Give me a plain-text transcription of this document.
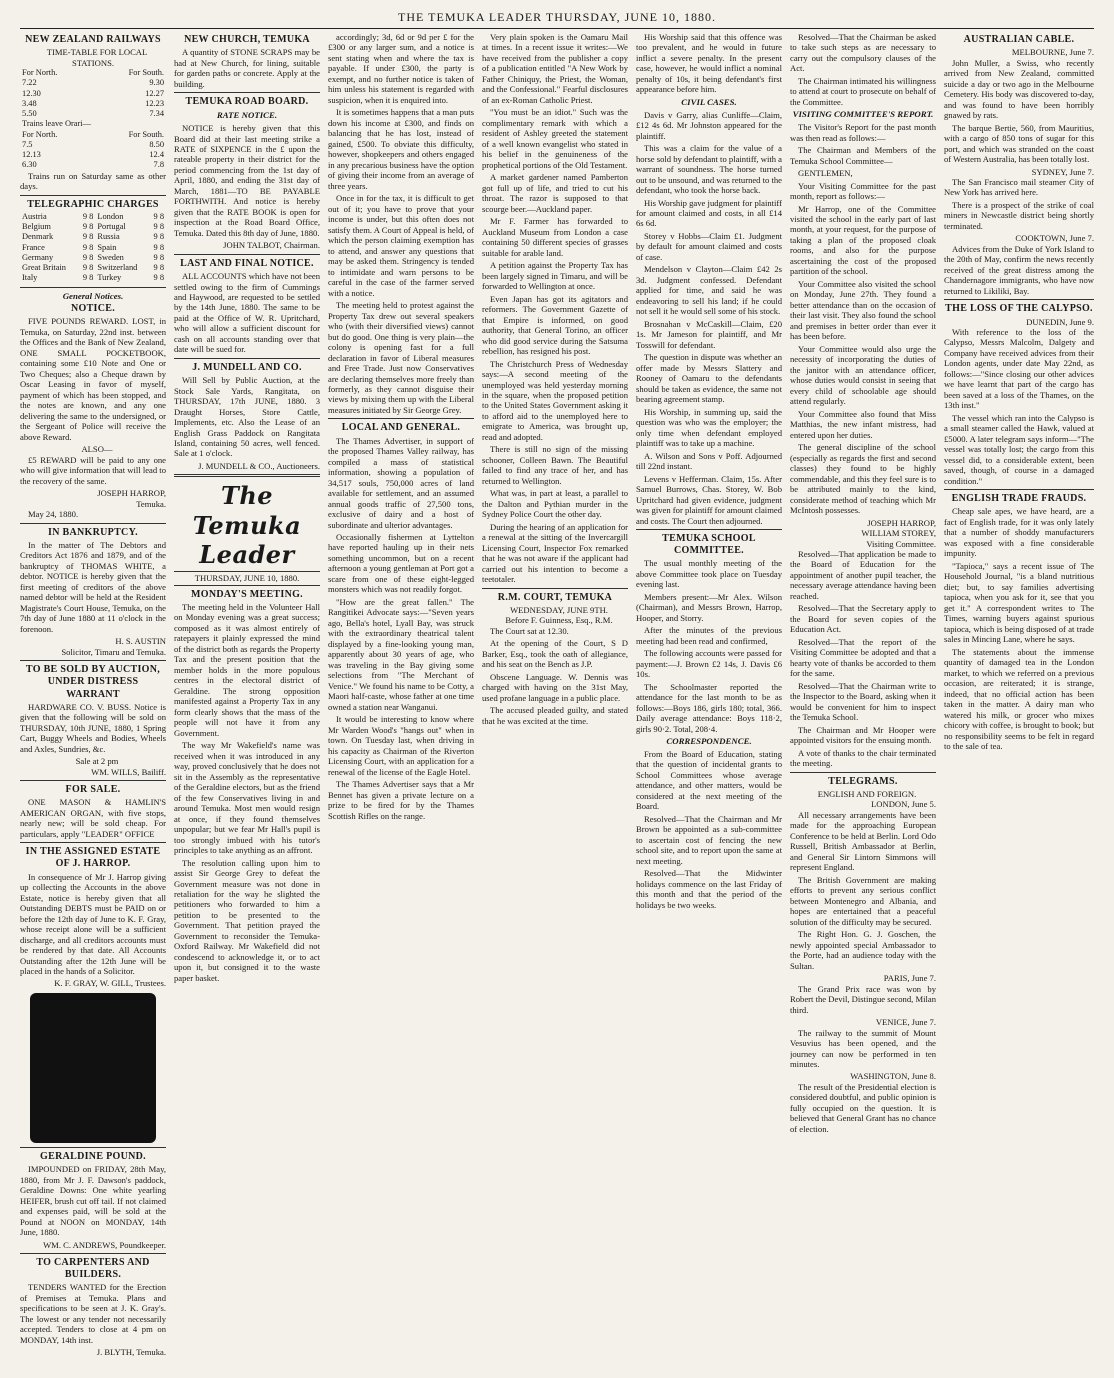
THE TEMUKA LEADER THURSDAY, JUNE 10, 1880.
NEW ZEALAND RAILWAYS

TIME-TABLE FOR LOCAL STATIONS.

For North.		For South.
7.22		9.30
12.30		12.27
3.48		12.23
5.50		7.34
Trains leave Orari—		
For North.		For South.
7.5		8.50
12.13		12.4
6.30		7.8

Trains run on Saturday same as other days.

TELEGRAPHIC CHARGES
Austria	9 8	London	9 8
Belgium	9 8	Portugal	9 8
Denmark	9 8	Russia	9 8
France	9 8	Spain	9 8
Germany	9 8	Sweden	9 8
Great Britain	9 8	Switzerland	9 8
Italy	9 8	Turkey	9 8
General Notices.
NOTICE.

FIVE POUNDS REWARD. LOST, in Temuka, on Saturday, 22nd inst. between the Offices and the Bank of New Zealand, ONE SMALL POCKETBOOK, containing some £10 Note and One or Two Cheques; also a Cheque drawn by Oscar Leasing in favor of myself, payment of which has been stopped, and the notes are known, and any one delivering the same to the undersigned, or the Sergeant of Police will receive the above Reward.

ALSO—

£5 REWARD will be paid to any one who will give information that will lead to the recovery of the same.

JOSEPH HARROP,

Temuka.

May 24, 1880.

IN BANKRUPTCY.

In the matter of The Debtors and Creditors Act 1876 and 1879, and of the bankruptcy of THOMAS WHITE, a debtor. NOTICE is hereby given that the first meeting of creditors of the above named debtor will be held at the Resident Magistrate's Court House, Temuka, on the 7th day of June 1880 at 11 o'clock in the forenoon.

H. S. AUSTIN

Solicitor, Timaru and Temuka.

TO BE SOLD BY AUCTION, UNDER DISTRESS WARRANT

HARDWARE CO. V. BUSS. Notice is given that the following will be sold on THURSDAY, 10th JUNE, 1880, 1 Spring Cart, Buggy Wheels and Bodies, Wheels and Axles, Sundries, &c.

Sale at 2 pm

WM. WILLS, Bailiff.

FOR SALE.

ONE MASON & HAMLIN'S AMERICAN ORGAN, with five stops, nearly new; will be sold cheap. For particulars, apply "LEADER" OFFICE

IN THE ASSIGNED ESTATE OF J. HARROP.

In consequence of Mr J. Harrop giving up collecting the Accounts in the above Estate, notice is hereby given that all Outstanding DEBTS must be PAID on or before the 12th day of June to K. F. Gray, whose receipt alone will be a sufficient discharge, and all creditors accounts must be rendered by that date. All Accounts Outstanding after the 12th June will be placed in the hands of a Solicitor.

K. F. GRAY, W. GILL, Trustees.

GERALDINE POUND.

IMPOUNDED on FRIDAY, 28th May, 1880, from Mr J. F. Dawson's paddock, Geraldine Downs: One white yearling HEIFER, brush cut off tail. If not claimed and expenses paid, will be sold at the Pound at NOON on MONDAY, 14th June, 1880.

WM. C. ANDREWS, Poundkeeper.

TO CARPENTERS AND BUILDERS.

TENDERS WANTED for the Erection of Premises at Temuka. Plans and specifications to be seen at J. K. Gray's. The lowest or any tender not necessarily accepted. Tenders to close at 4 pm on MONDAY, 14th inst.

J. BLYTH, Temuka.

NEW CHURCH, TEMUKA

A quantity of STONE SCRAPS may be had at New Church, for lining, suitable for garden paths or concrete. Apply at the building.

TEMUKA ROAD BOARD.
RATE NOTICE.

NOTICE is hereby given that this Board did at their last meeting strike a RATE of SIXPENCE in the £ upon the rateable property in their district for the period commencing from the 1st day of April, 1880, and ending the 31st day of March, 1881—TO BE PAYABLE FORTHWITH. And notice is hereby given that the RATE BOOK is open for inspection at the Road Board Office, Temuka. Dated this 8th day of June, 1880.

JOHN TALBOT, Chairman.

LAST AND FINAL NOTICE.

ALL ACCOUNTS which have not been settled owing to the firm of Cummings and Haywood, are requested to be settled by the 14th June, 1880. The same to be paid at the Office of W. R. Upritchard, who will allow a sufficient discount for cash on all accounts standing over that date will be sued for.

J. MUNDELL AND CO.

Will Sell by Public Auction, at the Stock Sale Yards, Rangitata, on THURSDAY, 17th JUNE, 1880. 3 Draught Horses, Store Cattle, Implements, etc. Also the Lease of an English Grass Paddock on Rangitata Island, containing 50 acres, well fenced. Sale at 1 o'clock.

J. MUNDELL & CO., Auctioneers.

The Temuka Leader
THURSDAY, JUNE 10, 1880.
MONDAY'S MEETING.

The meeting held in the Volunteer Hall on Monday evening was a great success; composed as it was almost entirely of ratepayers it plainly expressed the mind of the district both as regards the Property Tax and the present position that the member holds in the more populous centres in the electoral district of Geraldine. The strong opposition manifested against a Property Tax in any form clearly shows that the mass of the people will not have it from any Government.

The way Mr Wakefield's name was received when it was introduced in any way, proved conclusively that he does not sit in the Assembly as the representative of the Geraldine electors, but as the friend of the few Conservatives living in and around Temuka. Most men would resign at once, if they found themselves unpopular; but we fear Mr Hall's pupil is too strongly imbued with his tutor's principles to take anything as an affront.

The resolution calling upon him to assist Sir George Grey to defeat the Government measure was not done in retaliation for the way he slighted the petitioners who forwarded to him a petition to be presented to the Government. That petition prayed the Government to reconsider the Temuka-Oxford Railway. Mr Wakefield did not condescend to acknowledge it, or to act upon it, but consigned it to the waste paper basket.

accordingly; 3d, 6d or 9d per £ for the £300 or any larger sum, and a notice is sent stating when and where the tax is payable. If under £300, the party is exempt, and no further notice is taken of him unless his statement is regarded with suspicion, when it is enquired into.

It is sometimes happens that a man puts down his income at £300, and finds on balancing that he has lost, instead of gained, £500. To obviate this difficulty, however, shopkeepers and others engaged in any precarious business have the option of giving their income from an average of three years.

Once in for the tax, it is difficult to get out of it; you have to prove that your income is under, but this often does not satisfy them. A Court of Appeal is held, of which the person claiming exemption has to attend, and answer any questions that may be asked them. Stringency is tended to intimidate and warn persons to be careful in the case of the farmer served with a notice.

The meeting held to protest against the Property Tax drew out several speakers who (with their diversified views) cannot but do good. One thing is very plain—the colony is opening fast for a full declaration in favor of Liberal measures and Free Trade. Just now Conservatives are declaring themselves more freely than formerly, as they cannot disguise their views by mixing them up with the Liberal measures initiated by Sir George Grey.

LOCAL AND GENERAL.

The Thames Advertiser, in support of the proposed Thames Valley railway, has compiled a mass of statistical information, showing a population of 34,517 souls, 750,000 acres of land available for settlement, and an assumed annual goods traffic of 27,500 tons, exclusive of dairy and a host of subordinate and ulterior advantages.

Occasionally fishermen at Lyttelton have reported hauling up in their nets something uncommon, but on a recent afternoon a young gentleman at Port got a scare from one of these eight-legged monsters which was not readily forgot.

"How are the great fallen." The Rangitikei Advocate says:—"Seven years ago, Bella's hotel, Lyall Bay, was struck with the extraordinary theatrical talent displayed by a fine-looking young man, apparently about 30 years of age, who was traveling in the Bay giving some selections from "The Merchant of Venice." We found his name to be Cotty, a Maori half-caste, whose father at one time owned a station near Wanganui.

It would be interesting to know where Mr Warden Wood's "hangs out" when in town. On Tuesday last, when driving in his capacity as Chairman of the Riverton Licensing Court, with an application for a renewal of the license of the Eagle Hotel.

The Thames Advertiser says that a Mr Bennet has given a private lecture on a prize to be fired for by the Thames Scottish Rifles on the range.

Very plain spoken is the Oamaru Mail at times. In a recent issue it writes:—We have received from the publisher a copy of a publication entitled "A New Work by Father Chiniquy, the Priest, the Woman, and the Confessional." Fearful disclosures of an ex-Roman Catholic Priest.

"You must be an idiot." Such was the complimentary remark with which a resident of Ashley greeted the statement of a well known evangelist who stated in his belief in the genuineness of the prophetical portions of the Old Testament.

A market gardener named Pamberton got full up of life, and tried to cut his throat. The razor is supposed to that scourge beer.—Auckland paper.

Mr F. Farmer has forwarded to Auckland Museum from London a case containing 50 different species of grasses suitable for arable land.

A petition against the Property Tax has been largely signed in Timaru, and will be forwarded to Wellington at once.

Even Japan has got its agitators and reformers. The Government Gazette of that Empire is informed, on good authority, that General Torino, an officer who did good service during the Satsuma rebellion, has resigned his post.

The Christchurch Press of Wednesday says:—A second meeting of the unemployed was held yesterday morning in the square, when the proposed petition to the United States Government asking it to afford aid to the unemployed here to emigrate to America, was brought up, read and adopted.

There is still no sign of the missing schooner, Colleen Bawn. The Beautiful failed to find any trace of her, and has returned to Wellington.

What was, in part at least, a parallel to the Dalton and Pythian murder in the Sydney Police Court the other day.

During the hearing of an application for a renewal at the sitting of the Invercargill Licensing Court, Inspector Fox remarked that he was not aware if the applicant had carried out his intention to become a teetotaler.

R.M. COURT, TEMUKA

WEDNESDAY, JUNE 9TH.

Before F. Guinness, Esq., R.M.

The Court sat at 12.30.

At the opening of the Court, S D Barker, Esq., took the oath of allegiance, and his seat on the Bench as J.P.

Obscene Language. W. Dennis was charged with having on the 31st May, used profane language in a public place.

The accused pleaded guilty, and stated that he was excited at the time.

His Worship said that this offence was too prevalent, and he would in future inflict a severe penalty. In the present case, however, he would inflict a nominal penalty of 10s, it being defendant's first appearance before him.

CIVIL CASES.

Davis v Garry, alias Cunliffe—Claim, £12 4s 6d. Mr Johnston appeared for the plaintiff.

This was a claim for the value of a horse sold by defendant to plaintiff, with a warrant of soundness. The horse turned out to be unsound, and was returned to the defendant, who took the horse back.

His Worship gave judgment for plaintiff for amount claimed and costs, in all £14 6s 6d.

Storey v Hobbs—Claim £1. Judgment by default for amount claimed and costs of case.

Mendelson v Clayton—Claim £42 2s 3d. Judgment confessed. Defendant applied for time, and said he was endeavoring to sell his land; if he could not sell it he would sell some of his stock.

Brosnahan v McCaskill—Claim, £20 1s. Mr Jameson for plaintiff, and Mr Tosswill for defendant.

The question in dispute was whether an offer made by Messrs Slattery and Rooney of Oamaru to the defendants should be taken as evidence, the same not bearing agreement stamp.

His Worship, in summing up, said the question was who was the employer; the only time when defendant employed plaintiff was to take up a machine.

A. Wilson and Sons v Poff. Adjourned till 22nd instant.

Levens v Hefferman. Claim, 15s. After Samuel Burrows, Chas. Storey, W. Bob Upritchard had given evidence, judgment was given for plaintiff for amount claimed and costs. The Court then adjourned.

TEMUKA SCHOOL COMMITTEE.

The usual monthly meeting of the above Committee took place on Tuesday evening last.

Members present:—Mr Alex. Wilson (Chairman), and Messrs Brown, Harrop, Hooper, and Storry.

After the minutes of the previous meeting had been read and confirmed,

The following accounts were passed for payment:—J. Brown £2 14s, J. Davis £6 10s.

The Schoolmaster reported the attendance for the last month to be as follows:—Boys 186, girls 180; total, 366. Daily average attendance: Boys 118·2, girls 90·2. Total, 208·4.

CORRESPONDENCE.

From the Board of Education, stating that the question of incidental grants to School Committees whose average attendance, and other matters, would be considered at the next meeting of the Board.

Resolved—That the Chairman and Mr Brown be appointed as a sub-committee to ascertain cost of fencing the new school site, and to report upon the same at next meeting.

Resolved—That the Midwinter holidays commence on the last Friday of this month and that the period of the holidays be two weeks.

Resolved—That the Chairman be asked to take such steps as are necessary to carry out the compulsory clauses of the Act.

The Chairman intimated his willingness to attend at court to prosecute on behalf of the Committee.

VISITING COMMITTEE'S REPORT.

The Visitor's Report for the past month was then read as follows:—

The Chairman and Members of the Temuka School Committee—

GENTLEMEN,

Your Visiting Committee for the past month, report as follows:—

Mr Harrop, one of the Committee visited the school in the early part of last month, at your request, for the purpose of taking a plan of the proposed cloak rooms, and also for the purpose ascertaining the cost of the proposed partition of the school.

Your Committee also visited the school on Monday, June 27th. They found a better attendance than on the occasion of their last visit. They also found the school and premises in better order than ever it has been before.

Your Committee would also urge the necessity of incorporating the duties of the janitor with an attendance officer, whose duties would consist in seeing that every child of schoolable age should attend regularly.

Your Committee also found that Miss Matthias, the new infant mistress, had entered upon her duties.

The general discipline of the school (especially as regards the first and second classes) they found to be highly commendable, and this they feel sure is to be attributed mainly to the kind, considerate method of teaching which Mr McIntosh possesses.

JOSEPH HARROP,

WILLIAM STOREY,

Visiting Committee.

Resolved—That application be made to the Board of Education for the appointment of another pupil teacher, the necessary average attendance having been reached.

Resolved—That the Secretary apply to the Board for seven copies of the Education Act.

Resolved—That the report of the Visiting Committee be adopted and that a hearty vote of thanks be accorded to them for the same.

Resolved—That the Chairman write to the Inspector to the Board, asking when it would be convenient for him to inspect the Temuka School.

The Chairman and Mr Hooper were appointed visitors for the ensuing month.

A vote of thanks to the chair terminated the meeting.

TELEGRAMS.

ENGLISH AND FOREIGN.

LONDON, June 5.

All necessary arrangements have been made for the approaching European Conference to be held at Berlin. Lord Odo Russell, British Ambassador at Berlin, and General Sir Lintorn Simmons will represent England.

The British Government are making efforts to prevent any serious conflict between Montenegro and Albania, and hopes are entertained that a peaceful solution of the difficulty may be secured.

The Right Hon. G. J. Goschen, the newly appointed special Ambassador to the Porte, had an audience today with the Sultan.

PARIS, June 7.

The Grand Prix race was won by Robert the Devil, Distingue second, Milan third.

VENICE, June 7.

The railway to the summit of Mount Vesuvius has been opened, and the journey can now be performed in ten minutes.

WASHINGTON, June 8.

The result of the Presidential election is considered doubtful, and public opinion is fully occupied on the question. It is believed that General Grant has no chance of election.

AUSTRALIAN CABLE.

MELBOURNE, June 7.

John Muller, a Swiss, who recently arrived from New Zealand, committed suicide a day or two ago in the Melbourne Cemetery. His body was discovered to-day, and was found to have been horribly gnawed by rats.

The barque Bertie, 560, from Mauritius, with a cargo of 850 tons of sugar for this port, and which was stranded on the coast of Western Australia, has been totally lost.

SYDNEY, June 7.

The San Francisco mail steamer City of New York has arrived here.

There is a prospect of the strike of coal miners in Newcastle district being shortly terminated.

COOKTOWN, June 7.

Advices from the Duke of York Island to the 20th of May, confirm the news recently received of the great distress among the Chandernagore immigrants, who have now returned to Likiliki, Bay.

THE LOSS OF THE CALYPSO.

DUNEDIN, June 9.

With reference to the loss of the Calypso, Messrs Malcolm, Dalgety and Company have received advices from their London agents, under date May 22nd, as follows:—"Since closing our other advices we have learnt that part of the cargo has been saved at a loss of the Thames, on the 13th inst."

The vessel which ran into the Calypso is a small steamer called the Hawk, valued at £5000. A later telegram says inform—"The vessel was totally lost; the cargo from this vessel did, to a considerable extent, been saved, though, of course in a damaged condition."

ENGLISH TRADE FRAUDS.

Cheap sale apes, we have heard, are a fact of English trade, for it was only lately that a number of shoddy manufacturers was exposed with a fine considerable impunity.

"Tapioca," says a recent issue of The Household Journal, "is a bland nutritious diet; but, to say families advertising tapioca, when you ask for it, see that you get it." A correspondent writes to The Times, warning buyers against spurious tapioca, which is being disposed of at trade sales in Mincing Lane, where he says.

The statements about the immense quantity of damaged tea in the London market, to which we referred on a previous occasion, are reiterated; it is strange, indeed, that no official action has been taken in the matter. A dairy man who watered his milk, or grocer who mixes chicory with coffee, is brought to book; but no responsibility seems to be felt in regard to the sale of tea.
